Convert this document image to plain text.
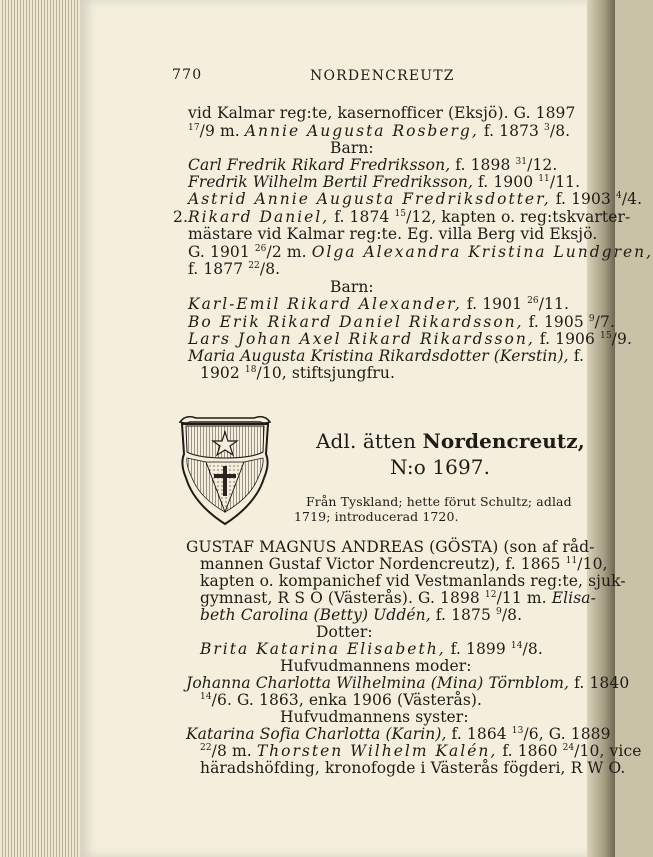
770	NORDENCREUTZ
vid Kalmar reg:te, kasernofficer (Eksjö). G. 1897
$^{17}$/9 m. Annie Augusta Rosberg, f. 1873 $^3$/8.
Barn:
Carl Fredrik Rikard Fredriksson, f. 1898 $^{31}$/12.
Fredrik Wilhelm Bertil Fredriksson, f. 1900 $^{11}$/11.
Astrid Annie Augusta Fredriksdotter, f. 1903 $^4$/4.
2.Rikard Daniel, f. 1874 $^{15}$/12, kapten o. reg:tskvarter-
mästare vid Kalmar reg:te. Eg. villa Berg vid Eksjö.
G. 1901 $^{26}$/2 m. Olga Alexandra Kristina Lundgren,
f. 1877 $^{22}$/8.
Barn:
Karl-Emil Rikard Alexander, f. 1901 $^{26}$/11.
Bo Erik Rikard Daniel Rikardsson, f. 1905 $^9$/7.
Lars Johan Axel Rikard Rikardsson, f. 1906 $^{15}$/9.
Maria Augusta Kristina Rikardsdotter (Kerstin), f.
1902 $^{18}$/10, stiftsjungfru.
Adl. ätten Nordencreutz,
N:o 1697.
Från Tyskland; hette förut Schultz; adlad
1719; introducerad 1720.
GUSTAF MAGNUS ANDREAS (GÖSTA) (son af råd-
mannen Gustaf Victor Nordencreutz), f. 1865 $^{11}$/10,
kapten o. kompanichef vid Vestmanlands reg:te, sjuk-
gymnast, R S O (Västerås). G. 1898 $^{12}$/11 m. Elisa-
beth Carolina (Betty) Uddén, f. 1875 $^9$/8.
Dotter:
Brita Katarina Elisabeth, f. 1899 $^{14}$/8.
Hufvudmannens moder:
Johanna Charlotta Wilhelmina (Mina) Törnblom, f. 1840
$^{14}$/6. G. 1863, enka 1906 (Västerås).
Hufvudmannens syster:
Katarina Sofia Charlotta (Karin), f. 1864 $^{13}$/6, G. 1889
$^{22}$/8 m. Thorsten Wilhelm Kalén, f. 1860 $^{24}$/10, vice
häradshöfding, kronofogde i Västerås fögderi, R W O.
